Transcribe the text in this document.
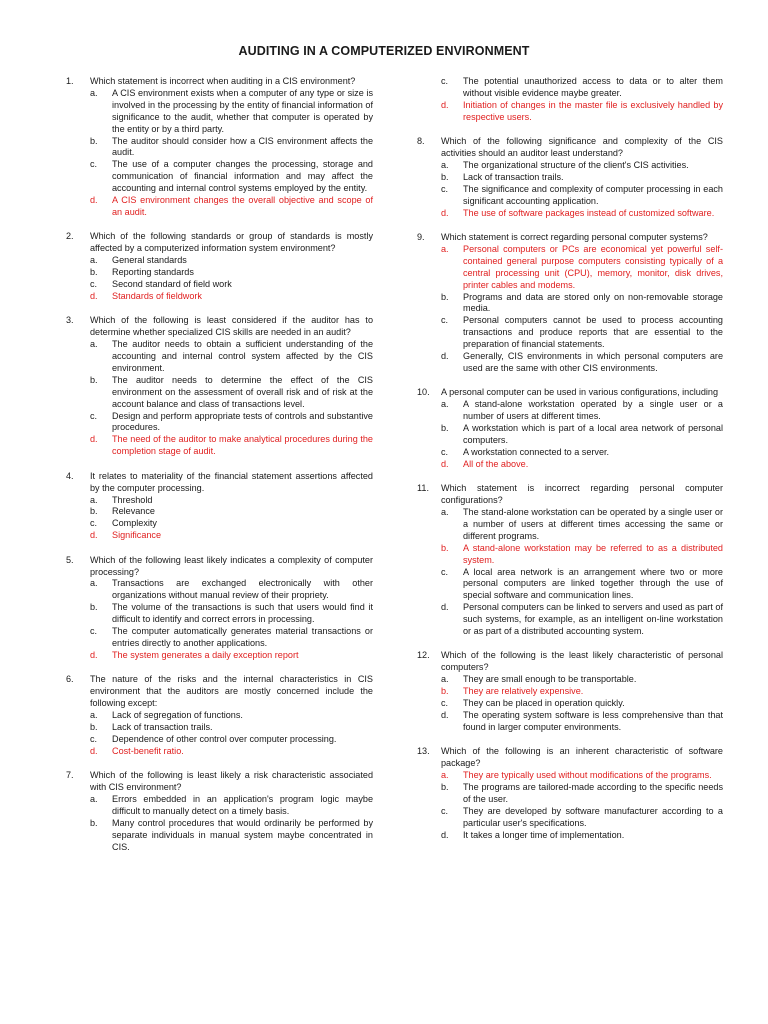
AUDITING IN A COMPUTERIZED ENVIRONMENT
1.	Which statement is incorrect when auditing in a CIS environment?
a.	A CIS environment exists when a computer of any type or size is involved in the processing by the entity of financial information of significance to the audit, whether that computer is operated by the entity or by a third party.
b.	The auditor should consider how a CIS environment affects the audit.
c.	The use of a computer changes the processing, storage and communication of financial information and may affect the accounting and internal control systems employed by the entity.
d.	A CIS environment changes the overall objective and scope of an audit.
2.	Which of the following standards or group of standards is mostly affected by a computerized information system environment?
a.	General standards
b.	Reporting standards
c.	Second standard of field work
d.	Standards of fieldwork
3.	Which of the following is least considered if the auditor has to determine whether specialized CIS skills are needed in an audit?
a.	The auditor needs to obtain a sufficient understanding of the accounting and internal control system affected by the CIS environment.
b.	The auditor needs to determine the effect of the CIS environment on the assessment of overall risk and of risk at the account balance and class of transactions level.
c.	Design and perform appropriate tests of controls and substantive procedures.
d.	The need of the auditor to make analytical procedures during the completion stage of audit.
4.	It relates to materiality of the financial statement assertions affected by the computer processing.
a.	Threshold
b.	Relevance
c.	Complexity
d.	Significance
5.	Which of the following least likely indicates a complexity of computer processing?
a.	Transactions are exchanged electronically with other organizations without manual review of their propriety.
b.	The volume of the transactions is such that users would find it difficult to identify and correct errors in processing.
c.	The computer automatically generates material transactions or entries directly to another applications.
d.	The system generates a daily exception report
6.	The nature of the risks and the internal characteristics in CIS environment that the auditors are mostly concerned include the following except:
a.	Lack of segregation of functions.
b.	Lack of transaction trails.
c.	Dependence of other control over computer processing.
d.	Cost-benefit ratio.
7.	Which of the following is least likely a risk characteristic associated with CIS environment?
a.	Errors embedded in an application's program logic maybe difficult to manually detect on a timely basis.
b.	Many control procedures that would ordinarily be performed by separate individuals in manual system maybe concentrated in CIS.
c.	The potential unauthorized access to data or to alter them without visible evidence maybe greater.
d.	Initiation of changes in the master file is exclusively handled by respective users.
8.	Which of the following significance and complexity of the CIS activities should an auditor least understand?
a.	The organizational structure of the client's CIS activities.
b.	Lack of transaction trails.
c.	The significance and complexity of computer processing in each significant accounting application.
d.	The use of software packages instead of customized software.
9.	Which statement is correct regarding personal computer systems?
a.	Personal computers or PCs are economical yet powerful self-contained general purpose computers consisting typically of a central processing unit (CPU), memory, monitor, disk drives, printer cables and modems.
b.	Programs and data are stored only on non-removable storage media.
c.	Personal computers cannot be used to process accounting transactions and produce reports that are essential to the preparation of financial statements.
d.	Generally, CIS environments in which personal computers are used are the same with other CIS environments.
10.	A personal computer can be used in various configurations, including
a.	A stand-alone workstation operated by a single user or a number of users at different times.
b.	A workstation which is part of a local area network of personal computers.
c.	A workstation connected to a server.
d.	All of the above.
11.	Which statement is incorrect regarding personal computer configurations?
a.	The stand-alone workstation can be operated by a single user or a number of users at different times accessing the same or different programs.
b.	A stand-alone workstation may be referred to as a distributed system.
c.	A local area network is an arrangement where two or more personal computers are linked together through the use of special software and communication lines.
d.	Personal computers can be linked to servers and used as part of such systems, for example, as an intelligent on-line workstation or as part of a distributed accounting system.
12.	Which of the following is the least likely characteristic of personal computers?
a.	They are small enough to be transportable.
b.	They are relatively expensive.
c.	They can be placed in operation quickly.
d.	The operating system software is less comprehensive than that found in larger computer environments.
13.	Which of the following is an inherent characteristic of software package?
a.	They are typically used without modifications of the programs.
b.	The programs are tailored-made according to the specific needs of the user.
c.	They are developed by software manufacturer according to a particular user's specifications.
d.	It takes a longer time of implementation.
